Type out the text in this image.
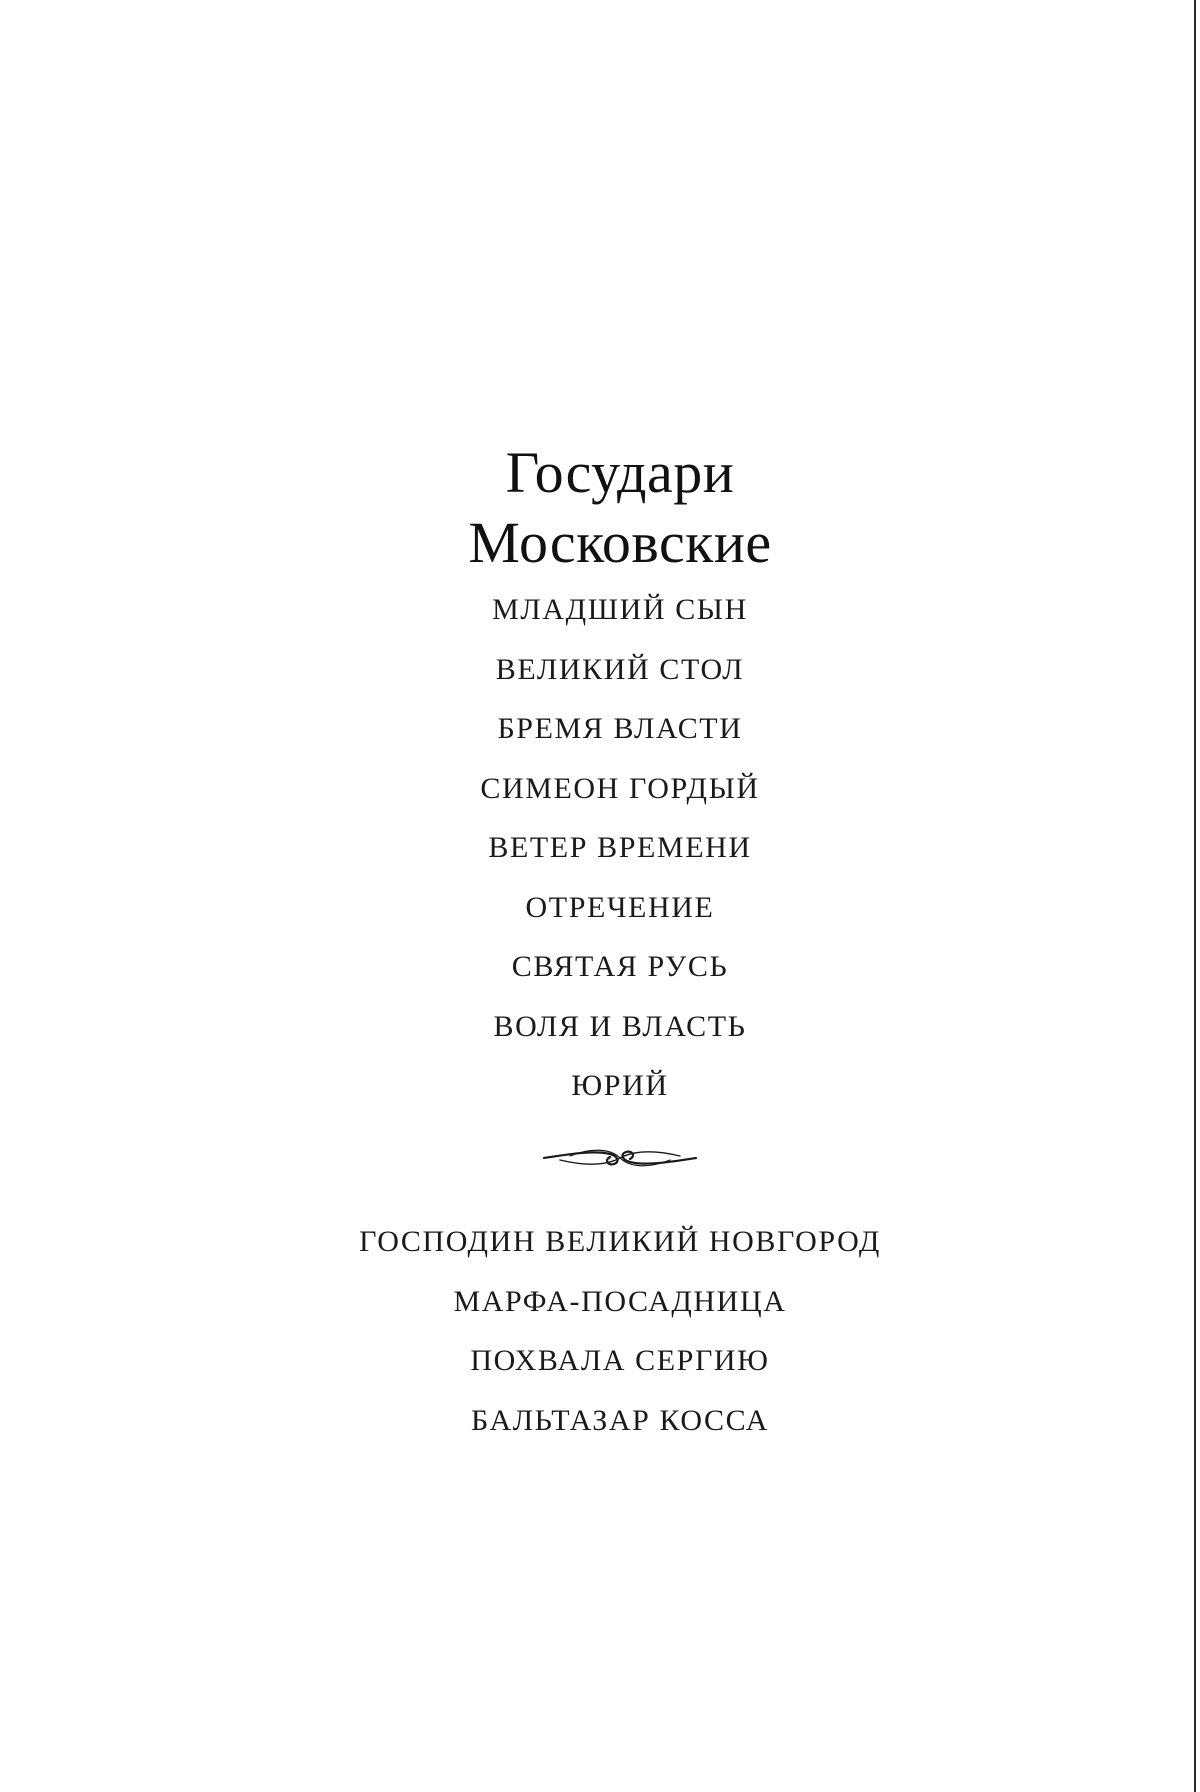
Государи
Московские
МЛАДШИЙ СЫН
ВЕЛИКИЙ СТОЛ
БРЕМЯ ВЛАСТИ
СИМЕОН ГОРДЫЙ
ВЕТЕР ВРЕМЕНИ
ОТРЕЧЕНИЕ
СВЯТАЯ РУСЬ
ВОЛЯ И ВЛАСТЬ
ЮРИЙ
ГОСПОДИН ВЕЛИКИЙ НОВГОРОД
МАРФА-ПОСАДНИЦА
ПОХВАЛА СЕРГИЮ
БАЛЬТАЗАР КОССА
